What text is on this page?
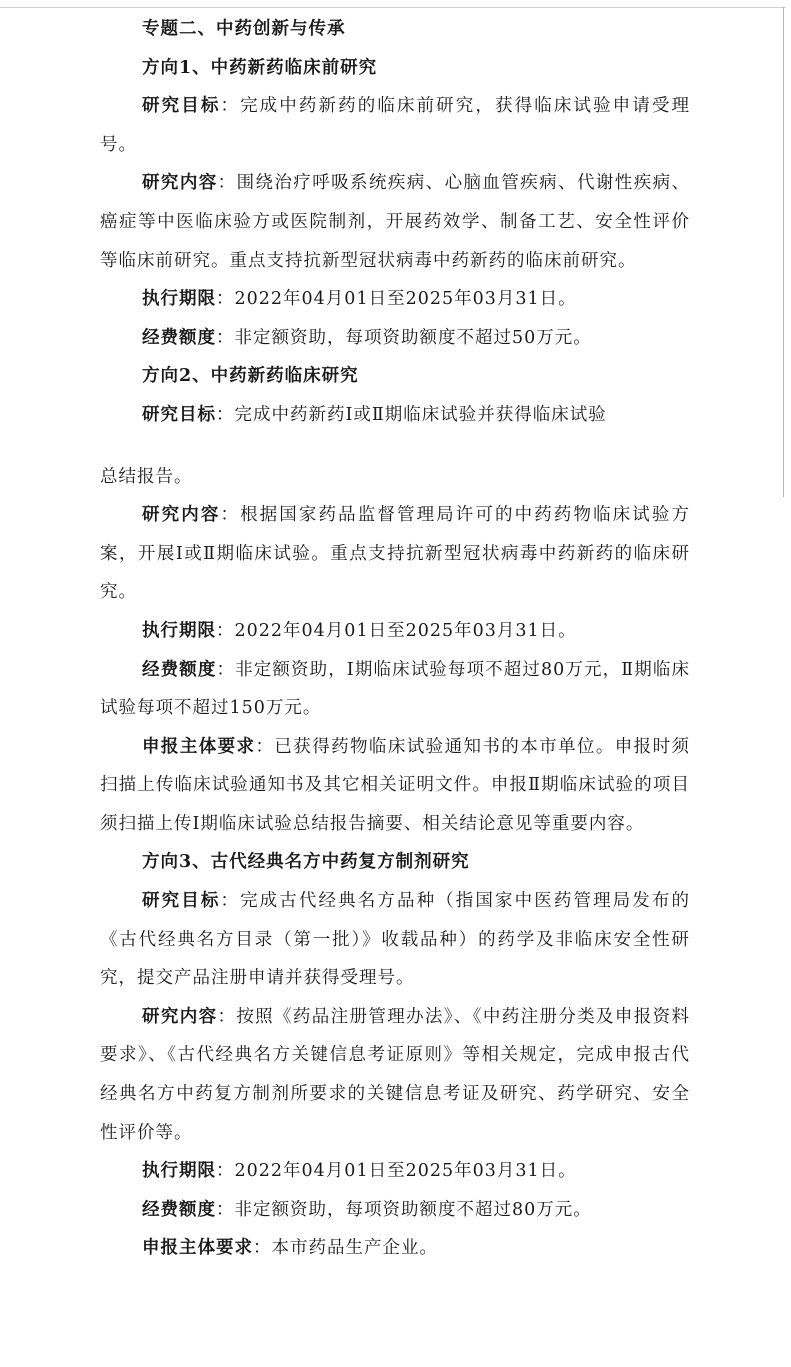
专题二、中药创新与传承

方向1、中药新药临床前研究

研究目标：完成中药新药的临床前研究，获得临床试验申请受理号。

研究内容：围绕治疗呼吸系统疾病、心脑血管疾病、代谢性疾病、癌症等中医临床验方或医院制剂，开展药效学、制备工艺、安全性评价等临床前研究。重点支持抗新型冠状病毒中药新药的临床前研究。

执行期限：2022年04月01日至2025年03月31日。

经费额度：非定额资助，每项资助额度不超过50万元。

方向2、中药新药临床研究

研究目标：完成中药新药Ⅰ或Ⅱ期临床试验并获得临床试验

总结报告。

研究内容：根据国家药品监督管理局许可的中药药物临床试验方案，开展Ⅰ或Ⅱ期临床试验。重点支持抗新型冠状病毒中药新药的临床研究。

执行期限：2022年04月01日至2025年03月31日。

经费额度：非定额资助，Ⅰ期临床试验每项不超过80万元，Ⅱ期临床试验每项不超过150万元。

申报主体要求：已获得药物临床试验通知书的本市单位。申报时须扫描上传临床试验通知书及其它相关证明文件。申报Ⅱ期临床试验的项目须扫描上传Ⅰ期临床试验总结报告摘要、相关结论意见等重要内容。

方向3、古代经典名方中药复方制剂研究

研究目标：完成古代经典名方品种（指国家中医药管理局发布的《古代经典名方目录（第一批）》收载品种）的药学及非临床安全性研究，提交产品注册申请并获得受理号。

研究内容：按照《药品注册管理办法》、《中药注册分类及申报资料要求》、《古代经典名方关键信息考证原则》等相关规定，完成申报古代经典名方中药复方制剂所要求的关键信息考证及研究、药学研究、安全性评价等。

执行期限：2022年04月01日至2025年03月31日。

经费额度：非定额资助，每项资助额度不超过80万元。

申报主体要求：本市药品生产企业。
